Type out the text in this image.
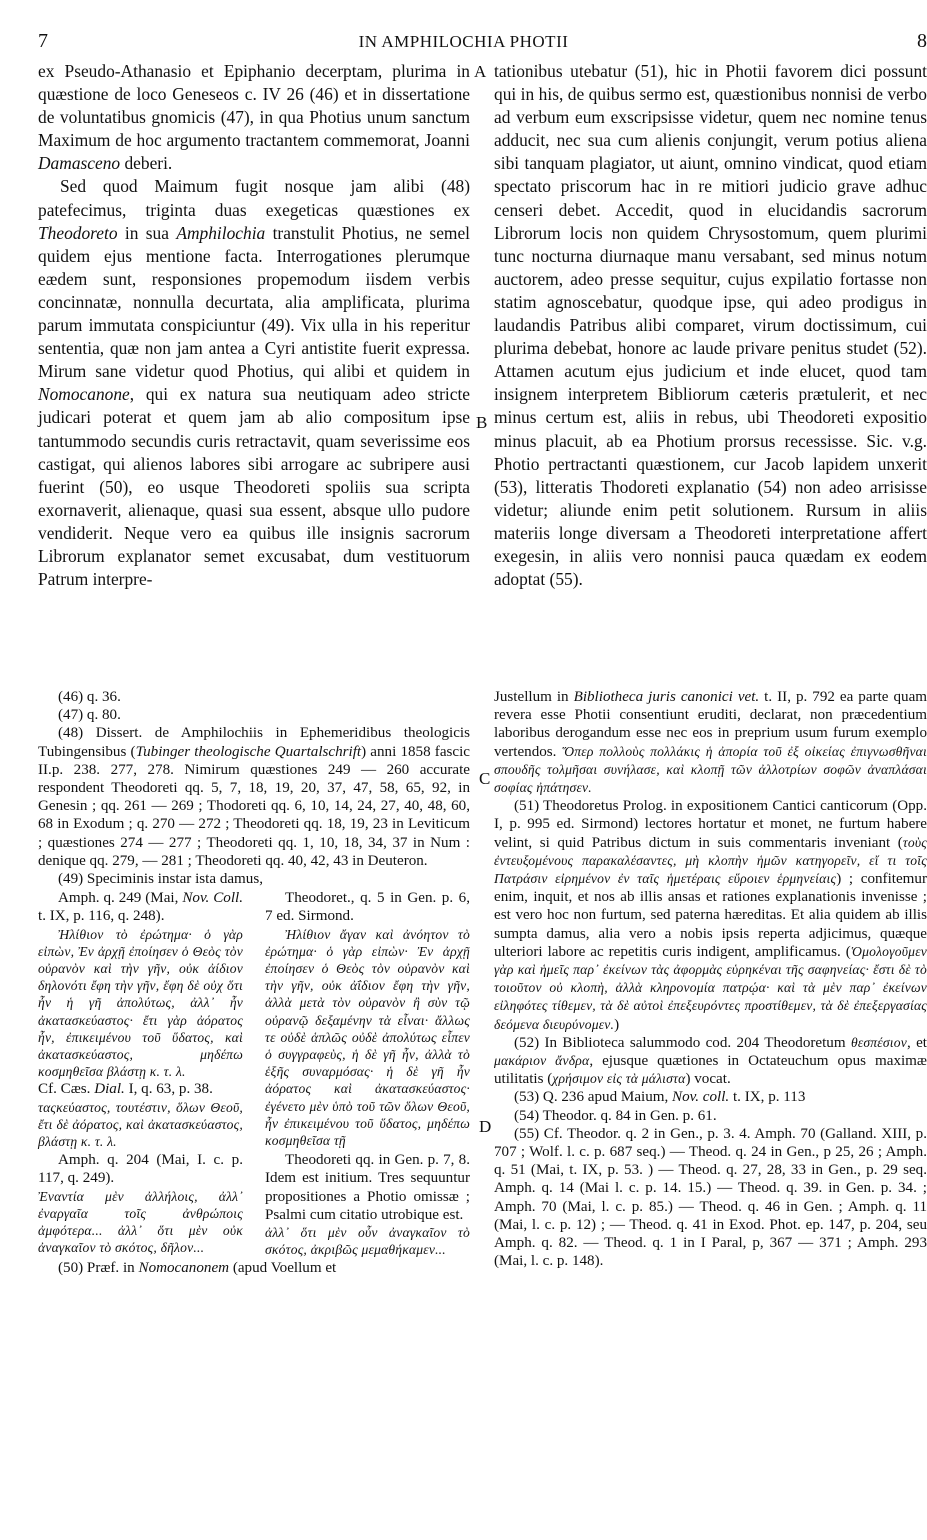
7	IN AMPHILOCHIA PHOTII	8
A
B
C
D

ex Pseudo-Athanasio et Epiphanio decerptam, plurima in quæstione de loco Geneseos c. IV 26 (46) et in dissertatione de voluntatibus gnomicis (47), in qua Photius unum sanctum Maximum de hoc argumento tractantem commemorat, Joanni Damasceno deberi.

Sed quod Maimum fugit nosque jam alibi (48) patefecimus, triginta duas exegeticas quæstiones ex Theodoreto in sua Amphilochia transtulit Photius, ne semel quidem ejus mentione facta. Interrogationes plerumque eædem sunt, responsiones propemodum iisdem verbis concinnatæ, nonnulla decurtata, alia amplificata, plurima parum immutata conspiciuntur (49). Vix ulla in his reperitur sententia, quæ non jam antea a Cyri antistite fuerit expressa. Mirum sane videtur quod Photius, qui alibi et quidem in Nomocanone, qui ex natura sua neutiquam adeo stricte judicari poterat et quem jam ab alio compositum ipse tantummodo secundis curis retractavit, quam severissime eos castigat, qui alienos labores sibi arrogare ac subripere ausi fuerint (50), eo usque Theodoreti spoliis sua scripta exornaverit, alienaque, quasi sua essent, absque ullo pudore vendiderit. Neque vero ea quibus ille insignis sacrorum Librorum explanator semet excusabat, dum vestituorum Patrum interpre-

tationibus utebatur (51), hic in Photii favorem dici possunt qui in his, de quibus sermo est, quæstionibus nonnisi de verbo ad verbum eum exscripsisse videtur, quem nec nomine tenus adducit, nec sua cum alienis conjungit, verum potius aliena sibi tanquam plagiator, ut aiunt, omnino vindicat, quod etiam spectato priscorum hac in re mitiori judicio grave adhuc censeri debet. Accedit, quod in elucidandis sacrorum Librorum locis non quidem Chrysostomum, quem plurimi tunc nocturna diurnaque manu versabant, sed minus notum auctorem, adeo presse sequitur, cujus expilatio fortasse non statim agnoscebatur, quodque ipse, qui adeo prodigus in laudandis Patribus alibi comparet, virum doctissimum, cui plurima debebat, honore ac laude privare penitus studet (52). Attamen acutum ejus judicium et inde elucet, quod tam insignem interpretem Bibliorum cæteris prætulerit, et nec minus certum est, aliis in rebus, ubi Theodoreti expositio minus placuit, ab ea Photium prorsus recessisse. Sic. v.g. Photio pertractanti quæstionem, cur Jacob lapidem unxerit (53), litteratis Thodoreti explanatio (54) non adeo arrisisse videtur; aliunde enim petit solutionem. Rursum in aliis materiis longe diversam a Theodoreti interpretatione affert exegesin, in aliis vero nonnisi pauca quædam ex eodem adoptat (55).

(46) q. 36.

(47) q. 80.

(48) Dissert. de Amphilochiis in Ephemeridibus theologicis Tubingensibus (Tubinger theologische Quartalschrift) anni 1858 fascic II.p. 238. 277, 278. Nimirum quæstiones 249 — 260 accurate respondent Theodoreti qq. 5, 7, 18, 19, 20, 37, 47, 58, 65, 92, in Genesin ; qq. 261 — 269 ; Thodoreti qq. 6, 10, 14, 24, 27, 40, 48, 60, 68 in Exodum ; q. 270 — 272 ; Theodoreti qq. 18, 19, 23 in Leviticum ; quæstiones 274 — 277 ; Theodoreti qq. 1, 10, 18, 34, 37 in Num : denique qq. 279, — 281 ; Theodoreti qq. 40, 42, 43 in Deuteron.

(49) Speciminis instar ista damus,

Amph. q. 249 (Mai, Nov. Coll. t. IX, p. 116, q. 248).

Ἠλίθιον τὸ ἐρώτημα· ὁ γὰρ εἰπὼν, Ἐν ἀρχῇ ἐποίησεν ὁ Θεὸς τὸν οὐρανὸν καὶ τὴν γῆν, οὐκ ἀίδιον δηλονότι ἔφη τὴν γῆν, ἔφη δὲ οὐχ ὅτι ἦν ἡ γῆ ἀπολύτως, ἀλλ᾽ ἦν ἀκατασκεύαστος· ἔτι γὰρ ἀόρατος ἦν, ἐπικειμένου τοῦ ὕδατος, καὶ ἀκατασκεύαστος, μηδέπω κοσμηθεῖσα βλάστῃ κ. τ. λ.

Cf. Cæs. Dial. I, q. 63, p. 38.

ταςκεύαστος, τουτέστιν, ὅλων Θεοῦ, ἔτι δὲ ἀόρατος, καὶ ἀκατασκεύαστος, βλάστῃ κ. τ. λ.

Theodoret., q. 5 in Gen. p. 6, 7 ed. Sirmond.

Ἠλίθιον ἄγαν καὶ ἀνόητον τὸ ἐρώτημα· ὁ γὰρ εἰπὼν· Ἐν ἀρχῇ ἐποίησεν ὁ Θεὸς τὸν οὐρανὸν καὶ τὴν γῆν, οὐκ ἀΐδιον ἔφη τὴν γῆν, ἀλλὰ μετὰ τὸν οὐρανὸν ἢ σὺν τῷ οὐρανῷ δεξαμένην τὰ εἶναι· ἄλλως τε οὐδὲ ἁπλῶς οὐδὲ ἀπολύτως εἶπεν ὁ συγγραφεὺς, ἡ δὲ γῆ ἦν, ἀλλὰ τὸ ἑξῆς συναρμόσας· ἡ δὲ γῆ ἦν ἀόρατος καὶ ἀκατασκεύαστος· ἐγένετο μὲν ὑπὸ τοῦ τῶν ὅλων Θεοῦ, ἦν ἐπικειμένου τοῦ ὕδατος, μηδέπω κοσμηθεῖσα τῇ

Amph. q. 204 (Mai, I. c. p. 117, q. 249).

Ἐναντία μὲν ἀλλήλοις, ἀλλ᾽ ἐναργαῖα τοῖς ἀνθρώποις ἀμφότερα... ἀλλ᾽ ὅτι μὲν οὐκ ἀναγκαῖον τὸ σκότος, δῆλον...

Theodoreti qq. in Gen. p. 7, 8. Idem est initium. Tres sequuntur propositiones a Photio omissæ ; Psalmi cum citatio utrobique est.

ἀλλ᾽ ὅτι μὲν οὖν ἀναγκαῖον τὸ σκότος, ἀκριβῶς μεμαθήκαμεν...

(50) Præf. in Nomocanonem (apud Voellum et

Justellum in Bibliotheca juris canonici vet. t. II, p. 792 ea parte quam revera esse Photii consentiunt eruditi, declarat, non præcedentium laboribus derogandum esse nec eos in preprium usum furum exemplo vertendos. Ὅπερ πολλοὺς πολλάκις ἡ ἀπορία τοῦ ἐξ οἰκείας ἐπιγνωσθῆναι σπουδῆς τολμῆσαι συνήλασε, καὶ κλοπῇ τῶν ἀλλοτρίων σοφῶν ἀναπλάσαι σοφίας ἠπάτησεν.

(51) Theodoretus Prolog. in expositionem Cantici canticorum (Opp. I, p. 995 ed. Sirmond) lectores hortatur et monet, ne furtum habere velint, si quid Patribus dictum in suis commentaris inveniant (τοὺς ἐντευξομένους παρακαλέσαντες, μὴ κλοπὴν ἡμῶν κατηγορεῖν, εἴ τι τοῖς Πατράσιν εἰρημένον ἐν ταῖς ἡμετέραις εὕροιεν ἑρμηνείαις) ; confitemur enim, inquit, et nos ab illis ansas et rationes explanationis invenisse ; est vero hoc non furtum, sed paterna hæreditas. Et alia quidem ab illis sumpta damus, alia vero a nobis ipsis reperta adjicimus, quæque ulteriori labore ac repetitis curis indigent, amplificamus. (Ὁμολογοῦμεν γὰρ καὶ ἡμεῖς παρ᾽ ἐκείνων τὰς ἀφορμὰς εὑρηκέναι τῆς σαφηνείας· ἔστι δὲ τὸ τοιοῦτον οὐ κλοπὴ, ἀλλὰ κληρονομία πατρῴα· καὶ τὰ μὲν παρ᾽ ἐκείνων εἰληφότες τίθεμεν, τὰ δὲ αὐτοὶ ἐπεξευρόντες προστίθεμεν, τὰ δὲ ἐπεξεργασίας δεόμενα διευρύνομεν.)

(52) In Biblioteca salummodo cod. 204 Theodoretum θεσπέσιον, et μακάριον ἄνδρα, ejusque quætiones in Octateuchum opus maximæ utilitatis (χρήσιμον εἰς τὰ μάλιστα) vocat.

(53) Q. 236 apud Maium, Nov. coll. t. IX, p. 113

(54) Theodor. q. 84 in Gen. p. 61.

(55) Cf. Theodor. q. 2 in Gen., p. 3. 4. Amph. 70 (Galland. XIII, p. 707 ; Wolf. l. c. p. 687 seq.) — Theod. q. 24 in Gen., p 25, 26 ; Amph. q. 51 (Mai, t. IX, p. 53. ) — Theod. q. 27, 28, 33 in Gen., p. 29 seq. Amph. q. 14 (Mai l. c. p. 14. 15.) — Theod. q. 39. in Gen. p. 34. ; Amph. 70 (Mai, l. c. p. 85.) — Theod. q. 46 in Gen. ; Amph. q. 11 (Mai, l. c. p. 12) ; — Theod. q. 41 in Exod. Phot. ep. 147, p. 204, seu Amph. q. 82. — Theod. q. 1 in I Paral, p, 367 — 371 ; Amph. 293 (Mai, l. c. p. 148).
